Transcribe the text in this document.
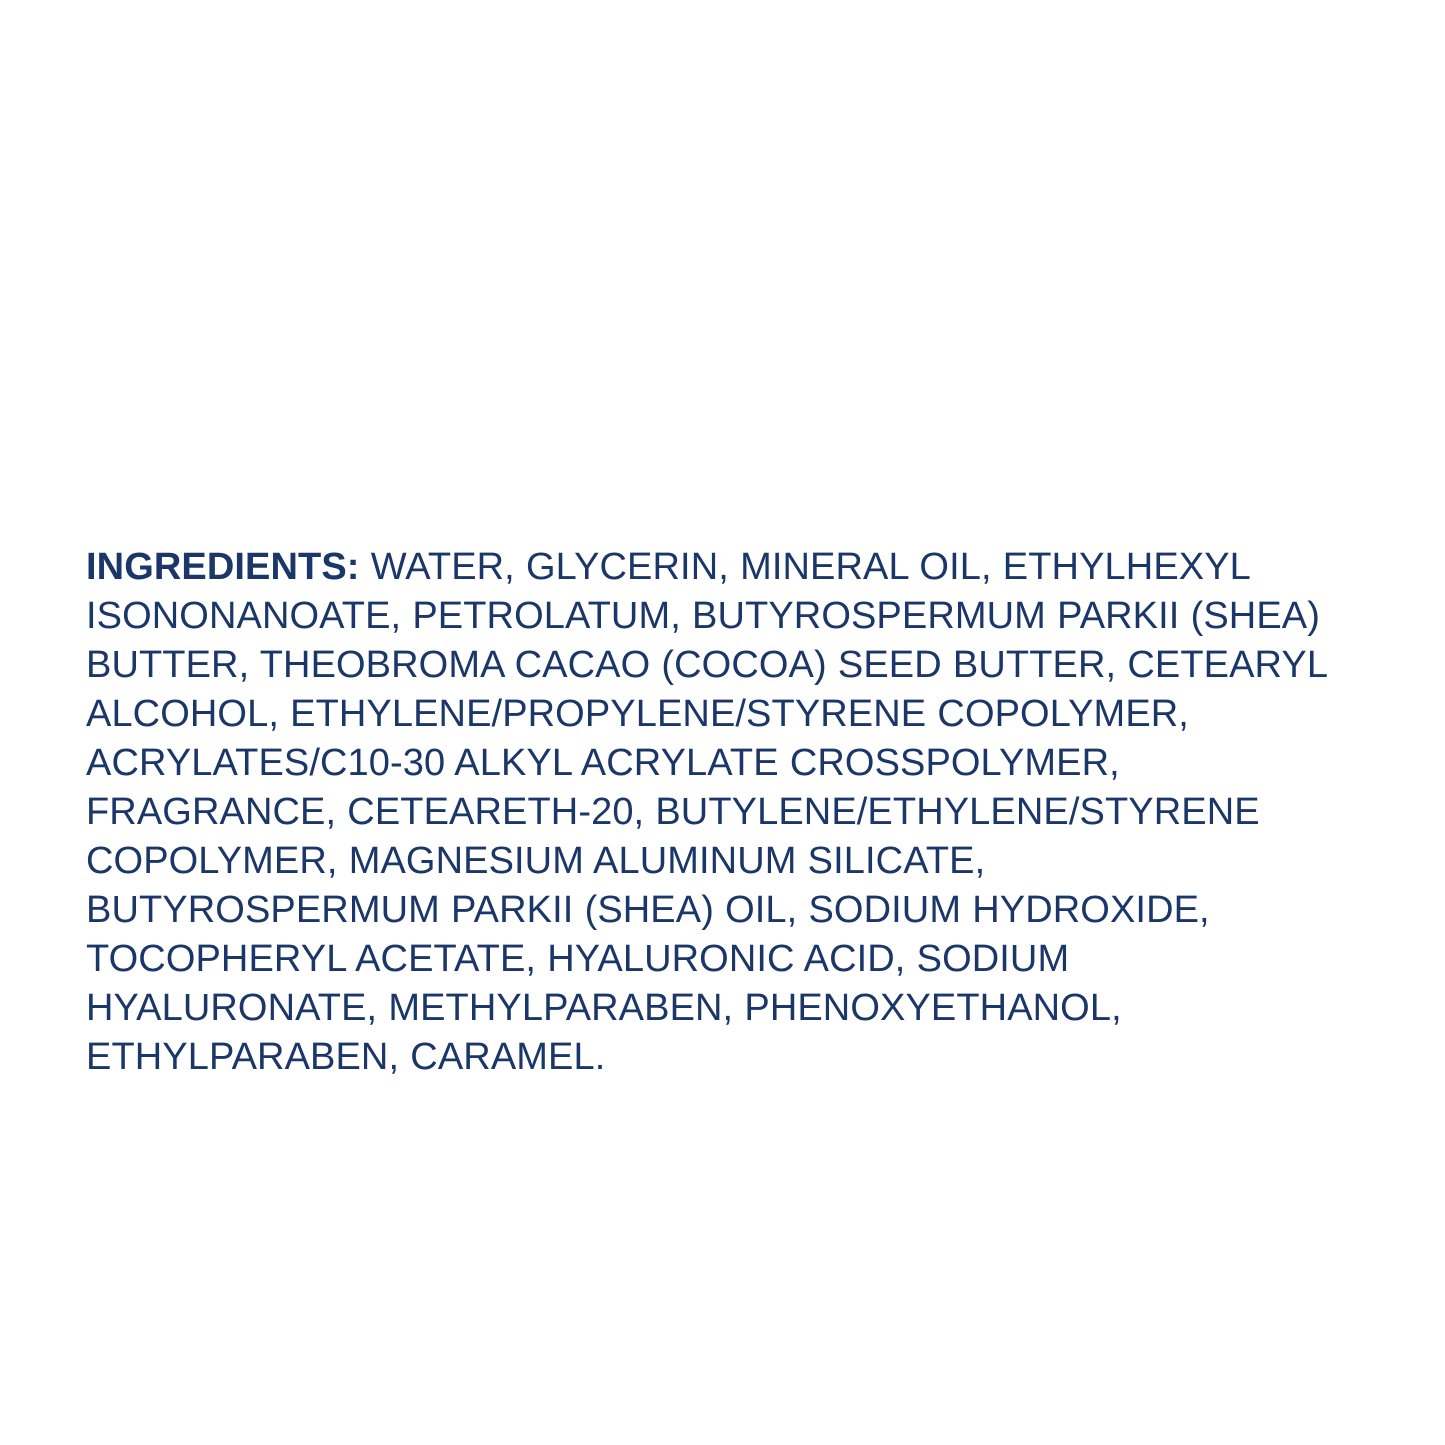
INGREDIENTS: WATER, GLYCERIN, MINERAL OIL, ETHYLHEXYL ISONONANOATE, PETROLATUM, BUTYROSPERMUM PARKII (SHEA) BUTTER, THEOBROMA CACAO (COCOA) SEED BUTTER, CETEARYL ALCOHOL, ETHYLENE/PROPYLENE/STYRENE COPOLYMER, ACRYLATES/C10-30 ALKYL ACRYLATE CROSSPOLYMER, FRAGRANCE, CETEARETH-20, BUTYLENE/ETHYLENE/STYRENE COPOLYMER, MAGNESIUM ALUMINUM SILICATE, BUTYROSPERMUM PARKII (SHEA) OIL, SODIUM HYDROXIDE, TOCOPHERYL ACETATE, HYALURONIC ACID, SODIUM HYALURONATE, METHYLPARABEN, PHENOXYETHANOL, ETHYLPARABEN, CARAMEL.
